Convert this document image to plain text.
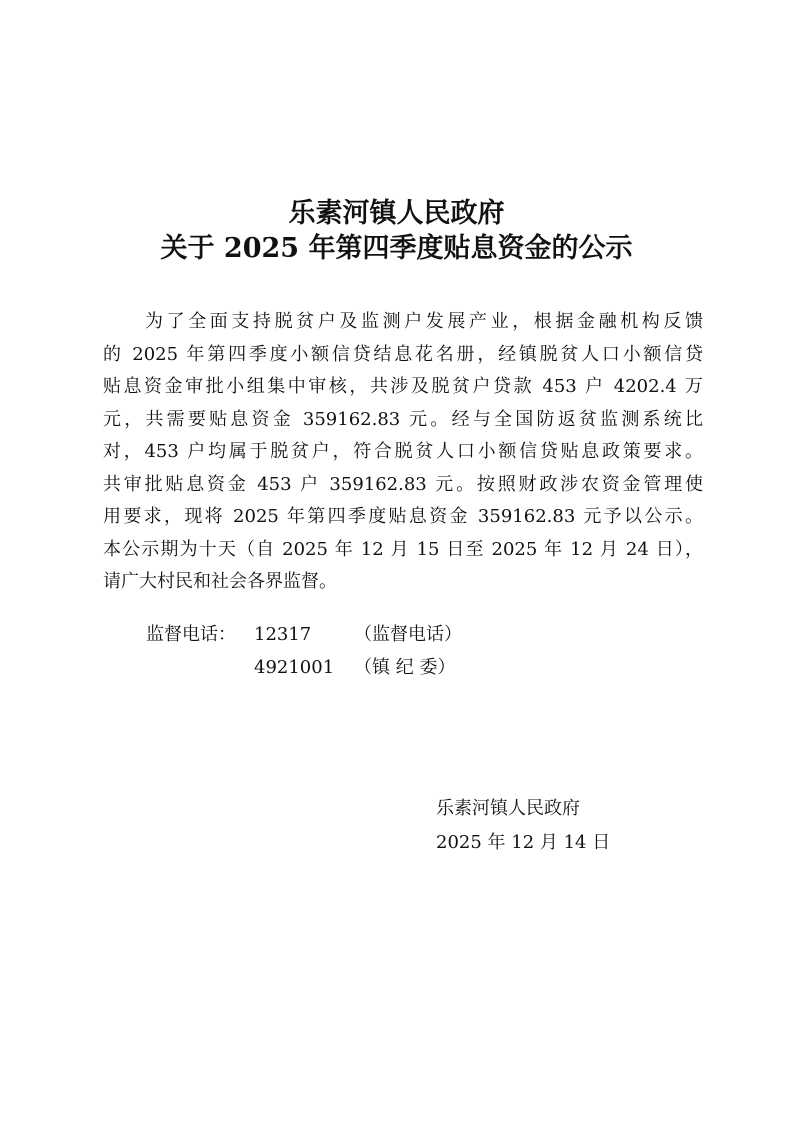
乐素河镇人民政府
关于 2025 年第四季度贴息资金的公示
为了全面支持脱贫户及监测户发展产业，根据金融机构反馈
的 2025 年第四季度小额信贷结息花名册，经镇脱贫人口小额信贷
贴息资金审批小组集中审核，共涉及脱贫户贷款 453 户 4202.4 万
元，共需要贴息资金 359162.83 元。经与全国防返贫监测系统比
对，453 户均属于脱贫户，符合脱贫人口小额信贷贴息政策要求。
共审批贴息资金 453 户 359162.83 元。按照财政涉农资金管理使
用要求，现将 2025 年第四季度贴息资金 359162.83 元予以公示。
本公示期为十天（自 2025 年 12 月 15 日至 2025 年 12 月 24 日），
请广大村民和社会各界监督。
监督电话： 12317 （监督电话）
4921001 （镇 纪 委）
乐素河镇人民政府
2025 年 12 月 14 日
